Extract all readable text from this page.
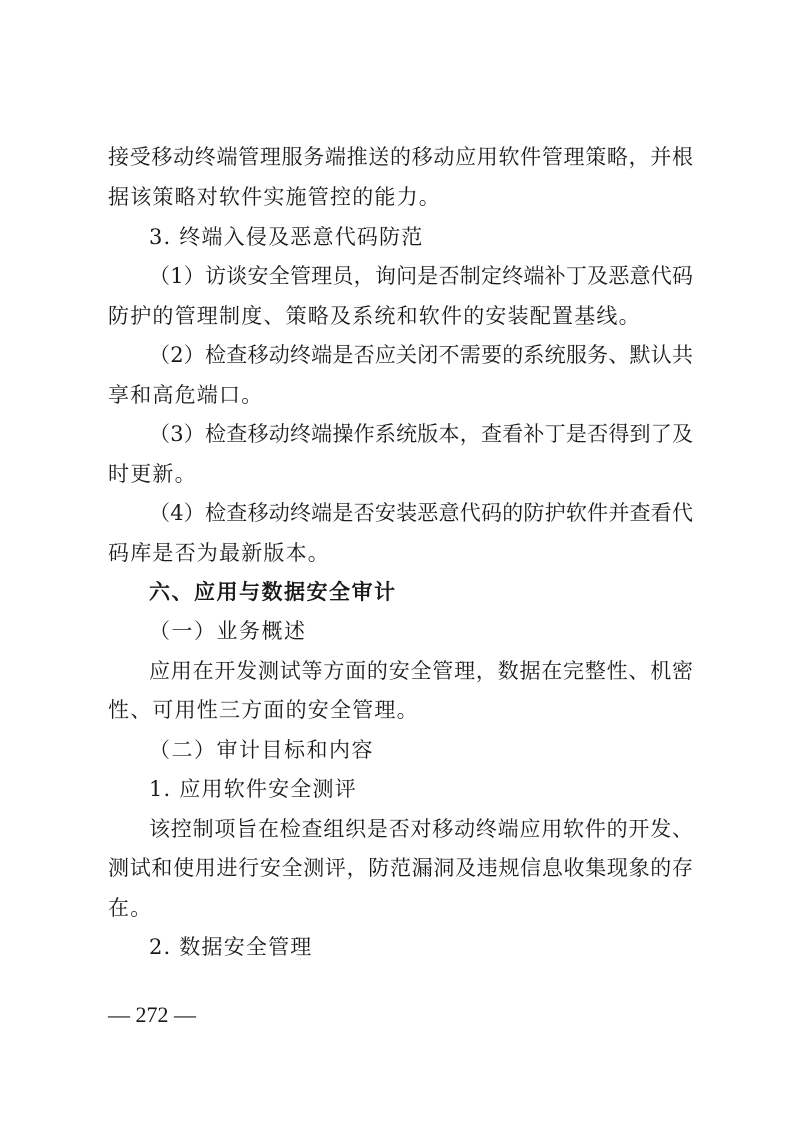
接受移动终端管理服务端推送的移动应用软件管理策略，并根
据该策略对软件实施管控的能力。
3. 终端入侵及恶意代码防范
（1）访谈安全管理员，询问是否制定终端补丁及恶意代码
防护的管理制度、策略及系统和软件的安装配置基线。
（2）检查移动终端是否应关闭不需要的系统服务、默认共
享和高危端口。
（3）检查移动终端操作系统版本，查看补丁是否得到了及
时更新。
（4）检查移动终端是否安装恶意代码的防护软件并查看代
码库是否为最新版本。
六、应用与数据安全审计
（一）业务概述
应用在开发测试等方面的安全管理，数据在完整性、机密
性、可用性三方面的安全管理。
（二）审计目标和内容
1. 应用软件安全测评
该控制项旨在检查组织是否对移动终端应用软件的开发、
测试和使用进行安全测评，防范漏洞及违规信息收集现象的存
在。
2. 数据安全管理
— 272 —
